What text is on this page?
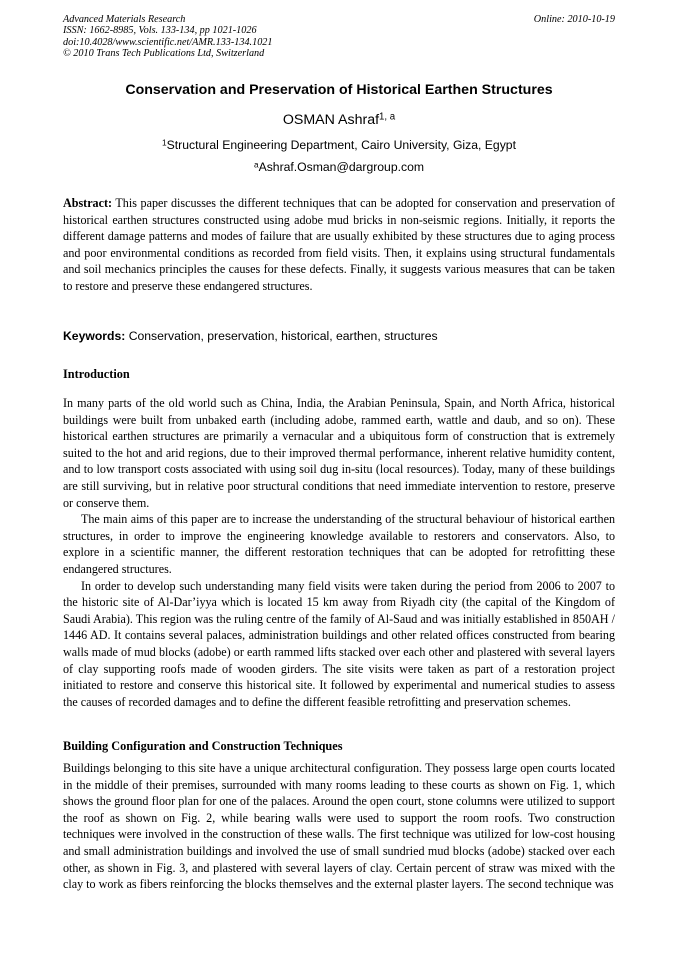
Advanced Materials Research
ISSN: 1662-8985, Vols. 133-134, pp 1021-1026
doi:10.4028/www.scientific.net/AMR.133-134.1021
© 2010 Trans Tech Publications Ltd, Switzerland
Online: 2010-10-19
Conservation and Preservation of Historical Earthen Structures
OSMAN Ashraf$^{1, a}$
$^1$Structural Engineering Department, Cairo University, Giza, Egypt
$^a$Ashraf.Osman@dargroup.com
Abstract: This paper discusses the different techniques that can be adopted for conservation and preservation of historical earthen structures constructed using adobe mud bricks in non-seismic regions. Initially, it reports the different damage patterns and modes of failure that are usually exhibited by these structures due to aging process and poor environmental conditions as recorded from field visits. Then, it explains using structural fundamentals and soil mechanics principles the causes for these defects. Finally, it suggests various measures that can be taken to restore and preserve these endangered structures.
Keywords: Conservation, preservation, historical, earthen, structures
Introduction

In many parts of the old world such as China, India, the Arabian Peninsula, Spain, and North Africa, historical buildings were built from unbaked earth (including adobe, rammed earth, wattle and daub, and so on). These historical earthen structures are primarily a vernacular and a ubiquitous form of construction that is extremely suited to the hot and arid regions, due to their improved thermal performance, inherent relative humidity content, and to low transport costs associated with using soil dug in-situ (local resources). Today, many of these buildings are still surviving, but in relative poor structural conditions that need immediate intervention to restore, preserve or conserve them.

The main aims of this paper are to increase the understanding of the structural behaviour of historical earthen structures, in order to improve the engineering knowledge available to restorers and conservators. Also, to explore in a scientific manner, the different restoration techniques that can be adopted for retrofitting these endangered structures.

In order to develop such understanding many field visits were taken during the period from 2006 to 2007 to the historic site of Al-Dar’iyya which is located 15 km away from Riyadh city (the capital of the Kingdom of Saudi Arabia). This region was the ruling centre of the family of Al-Saud and was initially established in 850AH / 1446 AD. It contains several palaces, administration buildings and other related offices constructed from bearing walls made of mud blocks (adobe) or earth rammed lifts stacked over each other and plastered with several layers of clay supporting roofs made of wooden girders. The site visits were taken as part of a restoration project initiated to restore and conserve this historical site. It followed by experimental and numerical studies to assess the causes of recorded damages and to define the different feasible retrofitting and preservation schemes.

Building Configuration and Construction Techniques

Buildings belonging to this site have a unique architectural configuration. They possess large open courts located in the middle of their premises, surrounded with many rooms leading to these courts as shown on Fig. 1, which shows the ground floor plan for one of the palaces. Around the open court, stone columns were utilized to support the roof as shown on Fig. 2, while bearing walls were used to support the room roofs. Two construction techniques were involved in the construction of these walls. The first technique was utilized for low-cost housing and small administration buildings and involved the use of small sundried mud blocks (adobe) stacked over each other, as shown in Fig. 3, and plastered with several layers of clay. Certain percent of straw was mixed with the clay to work as fibers reinforcing the blocks themselves and the external plaster layers. The second technique was
